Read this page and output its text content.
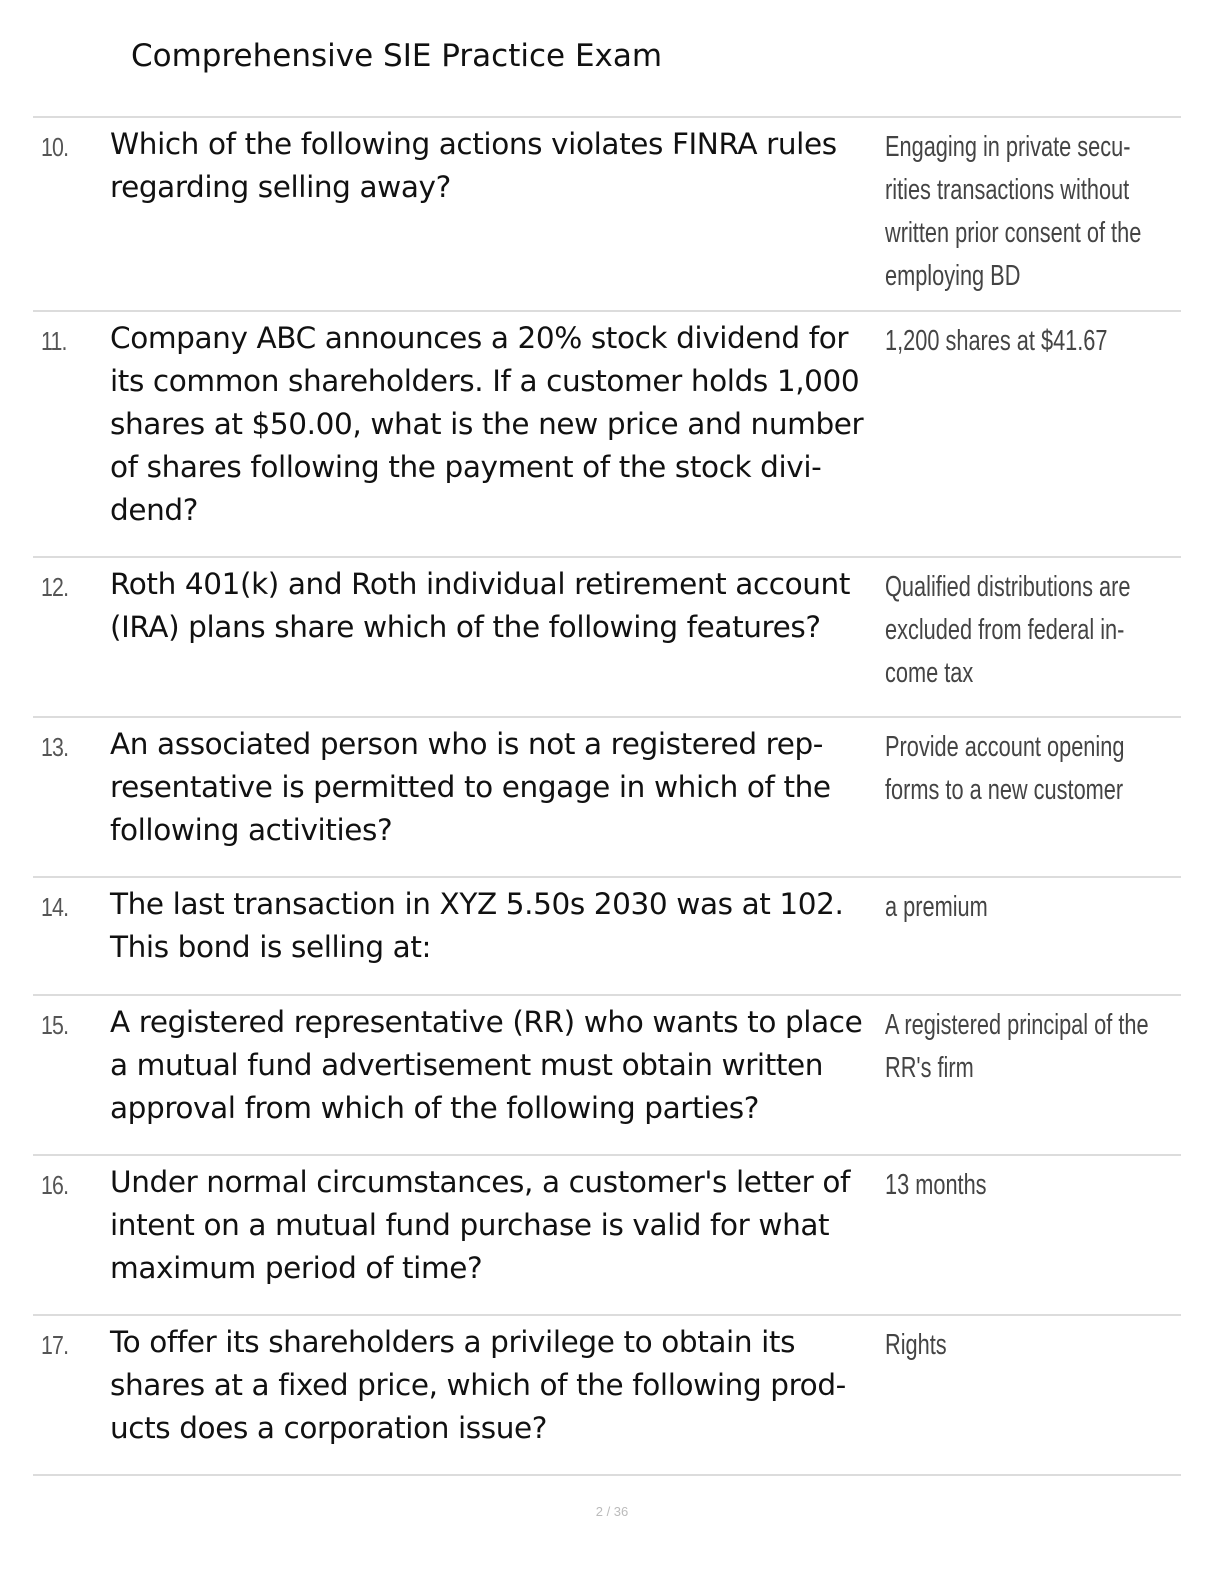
Comprehensive SIE Practice Exam
10. Which of the following actions violates FINRA rules
regarding selling away?
Engaging in private secu-
rities transactions without
written prior consent of the
employing BD
11. Company ABC announces a 20% stock dividend for
its common shareholders. If a customer holds 1,000
shares at $50.00, what is the new price and number
of shares following the payment of the stock divi-
dend?
1,200 shares at $41.67
12. Roth 401(k) and Roth individual retirement account
(IRA) plans share which of the following features?
Qualified distributions are
excluded from federal in-
come tax
13. An associated person who is not a registered rep-
resentative is permitted to engage in which of the
following activities?
Provide account opening
forms to a new customer
14. The last transaction in XYZ 5.50s 2030 was at 102.
This bond is selling at:
a premium
15. A registered representative (RR) who wants to place
a mutual fund advertisement must obtain written
approval from which of the following parties?
A registered principal of the
RR's firm
16. Under normal circumstances, a customer's letter of
intent on a mutual fund purchase is valid for what
maximum period of time?
13 months
17. To offer its shareholders a privilege to obtain its
shares at a fixed price, which of the following prod-
ucts does a corporation issue?
Rights
2 / 36
